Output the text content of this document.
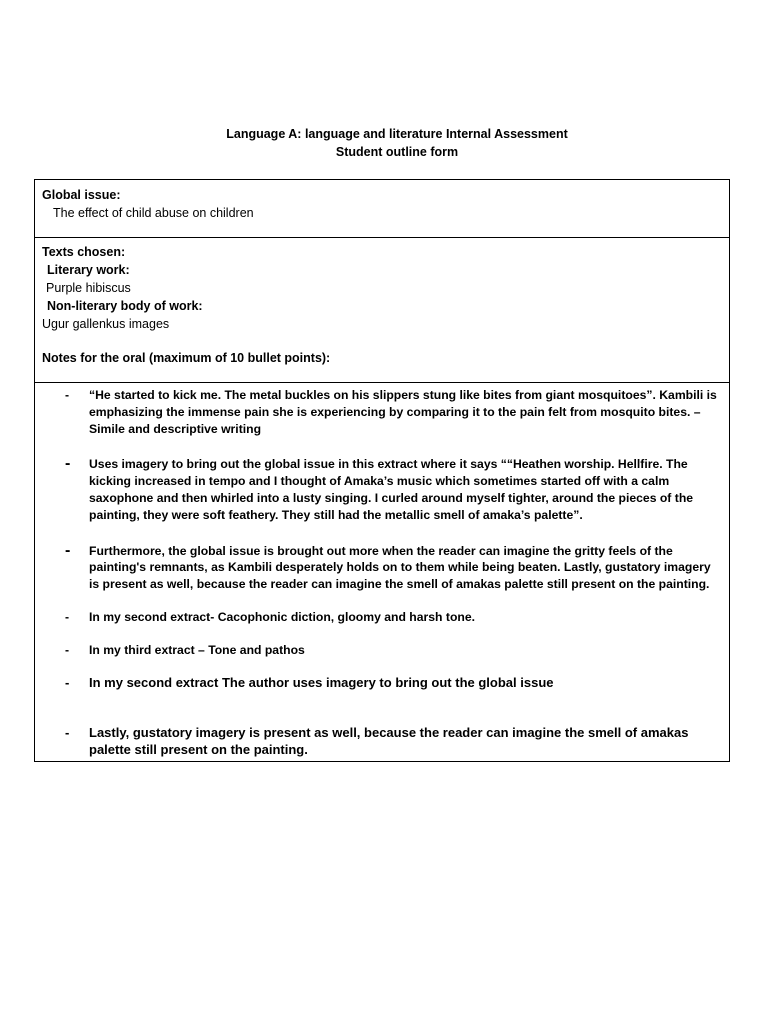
Language A: language and literature Internal Assessment
Student outline form
Global issue:
The effect of child abuse on children
Texts chosen:
Literary work:
Purple hibiscus
Non-literary body of work:
Ugur gallenkus images
Notes for the oral (maximum of 10 bullet points):
-	“He started to kick me. The metal buckles on his slippers stung like bites from giant mosquitoes”. Kambili is emphasizing the immense pain she is experiencing by comparing it to the pain felt from mosquito bites. – Simile and descriptive writing
-	Uses imagery to bring out the global issue in this extract where it says ““Heathen worship. Hellfire. The kicking increased in tempo and I thought of Amaka’s music which sometimes started off with a calm saxophone and then whirled into a lusty singing. I curled around myself tighter, around the pieces of the painting, they were soft feathery. They still had the metallic smell of amaka’s palette”.
-	Furthermore, the global issue is brought out more when the reader can imagine the gritty feels of the painting's remnants, as Kambili desperately holds on to them while being beaten. Lastly, gustatory imagery is present as well, because the reader can imagine the smell of amakas palette still present on the painting.
-	In my second extract- Cacophonic diction, gloomy and harsh tone.
-	In my third extract – Tone and pathos
-	In my second extract The author uses imagery to bring out the global issue
-	Lastly, gustatory imagery is present as well, because the reader can imagine the smell of amakas palette still present on the painting.
